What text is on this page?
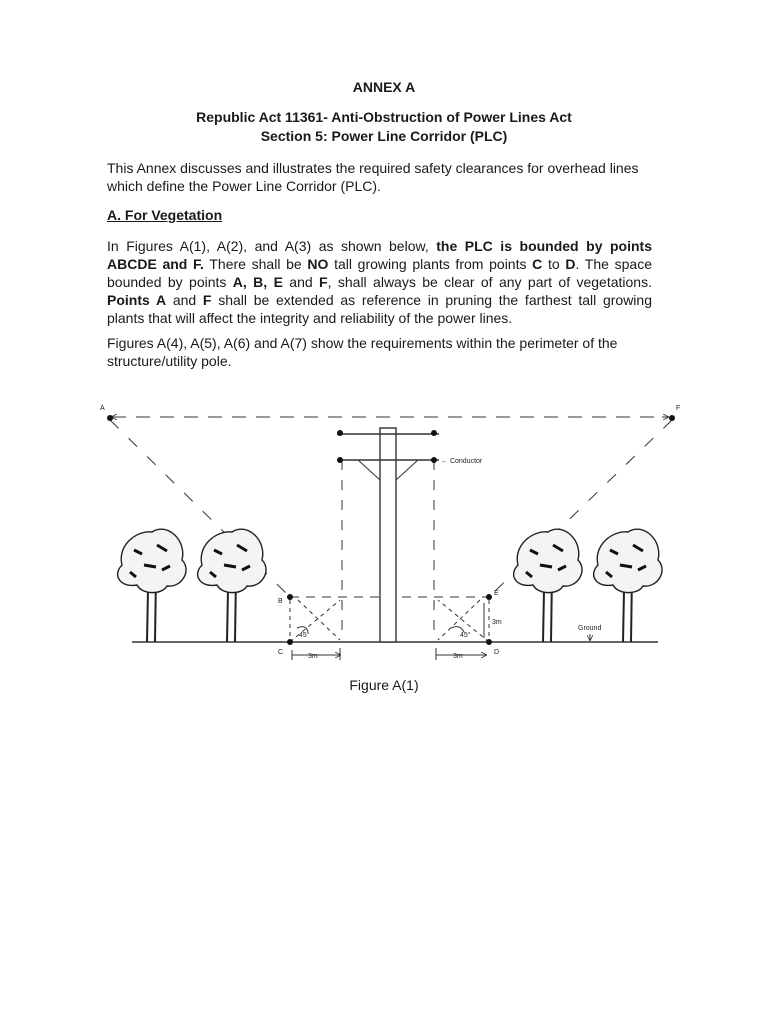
ANNEX A
Republic Act 11361- Anti-Obstruction of Power Lines Act
Section 5: Power Line Corridor (PLC)
This Annex discusses and illustrates the required safety clearances for overhead lines which define the Power Line Corridor (PLC).
A. For Vegetation
In Figures A(1), A(2), and A(3) as shown below, the PLC is bounded by points ABCDE and F. There shall be NO tall growing plants from points C to D. The space bounded by points A, B, E and F, shall always be clear of any part of vegetations. Points A and F shall be extended as reference in pruning the farthest tall growing plants that will affect the integrity and reliability of the power lines.
Figures A(4), A(5), A(6) and A(7) show the requirements within the perimeter of the structure/utility pole.
A	F
B
C	D
E
← Conductor
Ground
3m	3m
3m
45°	45°
Figure A(1)
